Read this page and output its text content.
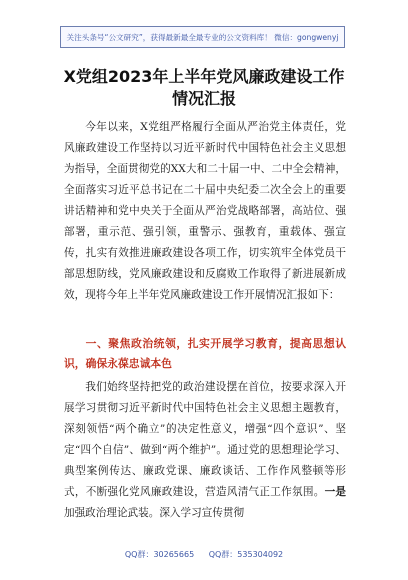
关注头条号“公文研究”，获得最新最全最专业的公文资料库！ 微信：gongwenyj
X党组2023年上半年党风廉政建设工作
情况汇报

今年以来，X党组严格履行全面从严治党主体责任，党风廉政建设工作坚持以习近平新时代中国特色社会主义思想为指导，全面贯彻党的XX大和二十届一中、二中全会精神，全面落实习近平总书记在二十届中央纪委二次全会上的重要讲话精神和党中央关于全面从严治党战略部署，高站位、强部署，重示范、强引领，重警示、强教育，重载体、强宣传，扎实有效推进廉政建设各项工作，切实筑牢全体党员干部思想防线，党风廉政建设和反腐败工作取得了新进展新成效，现将今年上半年党风廉政建设工作开展情况汇报如下：

一、聚焦政治统领，扎实开展学习教育，提高思想认识，确保永葆忠诚本色

我们始终坚持把党的政治建设摆在首位，按要求深入开展学习贯彻习近平新时代中国特色社会主义思想主题教育，深刻领悟“两个确立”的决定性意义，增强“四个意识”、坚定“四个自信”、做到“两个维护”。通过党的思想理论学习、典型案例传达、廉政党课、廉政谈话、工作作风整顿等形式，不断强化党风廉政建设，营造风清气正工作氛围。一是加强政治理论武装。深入学习宣传贯彻

QQ群：30265665 QQ群：535304092
